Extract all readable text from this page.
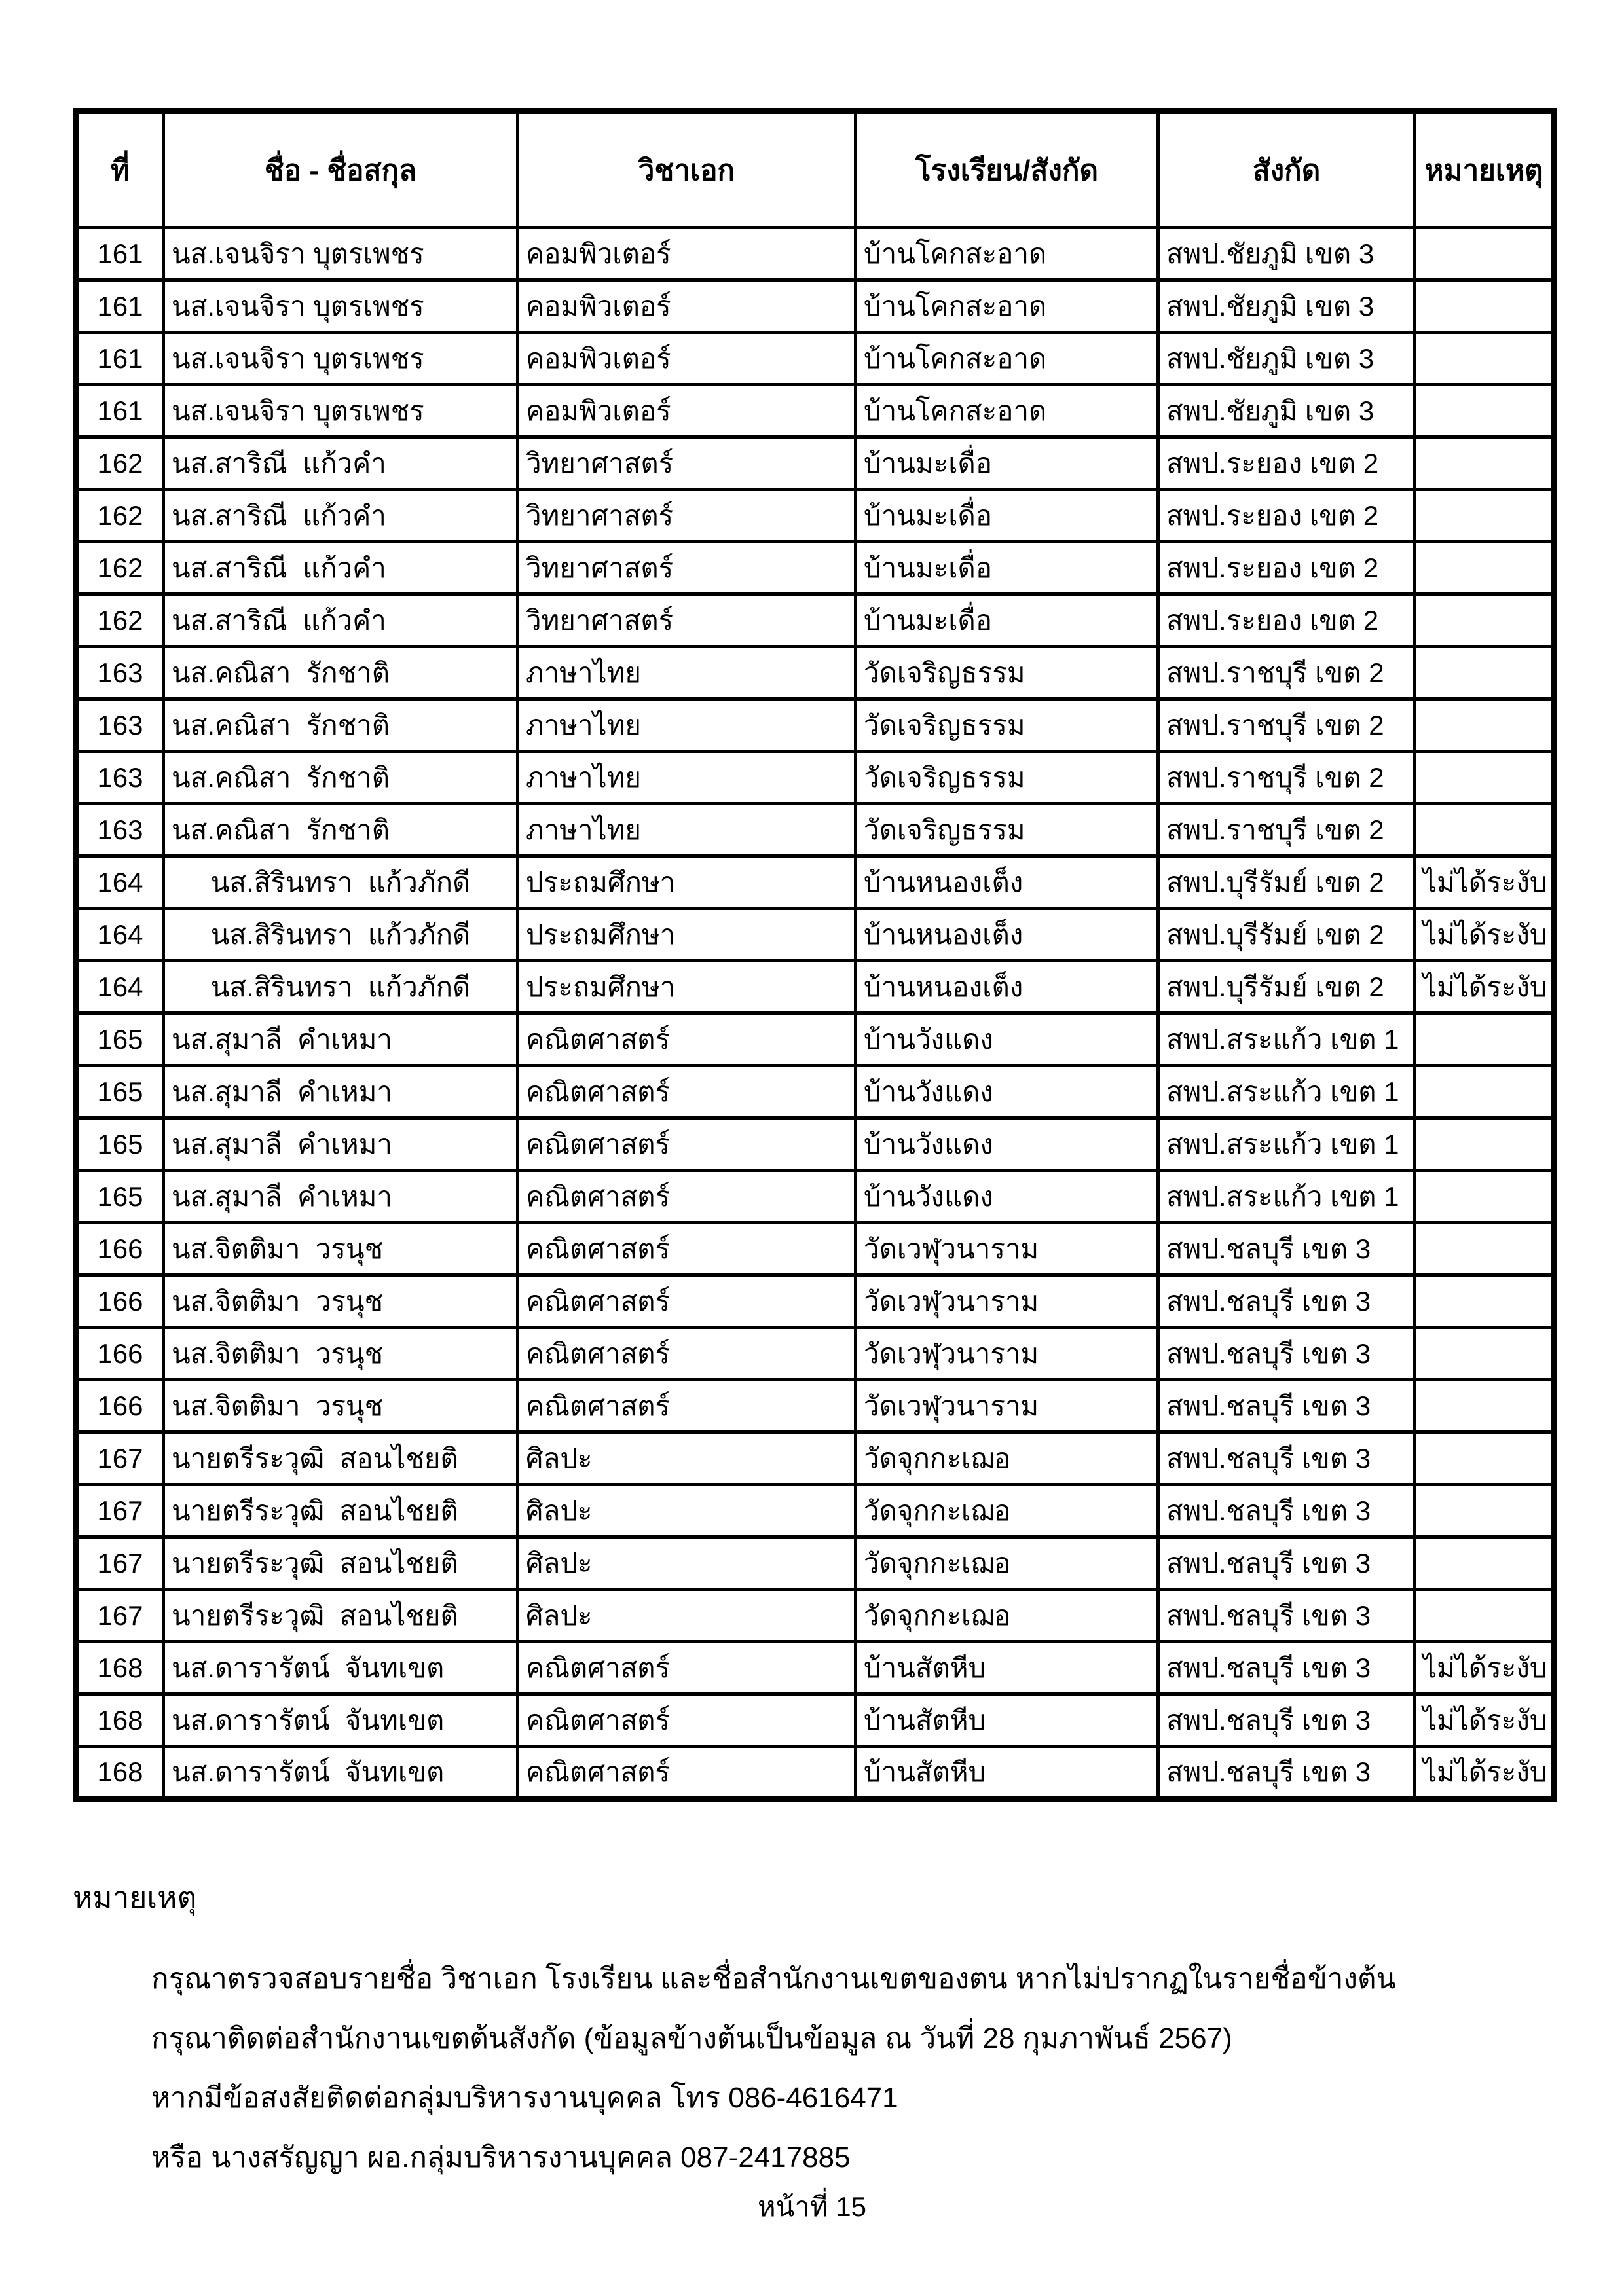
ที่	ชื่อ - ชื่อสกุล	วิชาเอก	โรงเรียน/สังกัด	สังกัด	หมายเหตุ
161	นส.เจนจิรา บุตรเพชร	คอมพิวเตอร์	บ้านโคกสะอาด	สพป.ชัยภูมิ เขต 3	
161	นส.เจนจิรา บุตรเพชร	คอมพิวเตอร์	บ้านโคกสะอาด	สพป.ชัยภูมิ เขต 3	
161	นส.เจนจิรา บุตรเพชร	คอมพิวเตอร์	บ้านโคกสะอาด	สพป.ชัยภูมิ เขต 3	
161	นส.เจนจิรา บุตรเพชร	คอมพิวเตอร์	บ้านโคกสะอาด	สพป.ชัยภูมิ เขต 3	
162	นส.สาริณี  แก้วคำ	วิทยาศาสตร์	บ้านมะเดื่อ	สพป.ระยอง เขต 2	
162	นส.สาริณี  แก้วคำ	วิทยาศาสตร์	บ้านมะเดื่อ	สพป.ระยอง เขต 2	
162	นส.สาริณี  แก้วคำ	วิทยาศาสตร์	บ้านมะเดื่อ	สพป.ระยอง เขต 2	
162	นส.สาริณี  แก้วคำ	วิทยาศาสตร์	บ้านมะเดื่อ	สพป.ระยอง เขต 2	
163	นส.คณิสา  รักชาติ	ภาษาไทย	วัดเจริญธรรม	สพป.ราชบุรี เขต 2	
163	นส.คณิสา  รักชาติ	ภาษาไทย	วัดเจริญธรรม	สพป.ราชบุรี เขต 2	
163	นส.คณิสา  รักชาติ	ภาษาไทย	วัดเจริญธรรม	สพป.ราชบุรี เขต 2	
163	นส.คณิสา  รักชาติ	ภาษาไทย	วัดเจริญธรรม	สพป.ราชบุรี เขต 2	
164	นส.สิรินทรา  แก้วภักดี	ประถมศึกษา	บ้านหนองเต็ง	สพป.บุรีรัมย์ เขต 2	ไม่ได้ระงับ
164	นส.สิรินทรา  แก้วภักดี	ประถมศึกษา	บ้านหนองเต็ง	สพป.บุรีรัมย์ เขต 2	ไม่ได้ระงับ
164	นส.สิรินทรา  แก้วภักดี	ประถมศึกษา	บ้านหนองเต็ง	สพป.บุรีรัมย์ เขต 2	ไม่ได้ระงับ
165	นส.สุมาลี  คำเหมา	คณิตศาสตร์	บ้านวังแดง	สพป.สระแก้ว เขต 1	
165	นส.สุมาลี  คำเหมา	คณิตศาสตร์	บ้านวังแดง	สพป.สระแก้ว เขต 1	
165	นส.สุมาลี  คำเหมา	คณิตศาสตร์	บ้านวังแดง	สพป.สระแก้ว เขต 1	
165	นส.สุมาลี  คำเหมา	คณิตศาสตร์	บ้านวังแดง	สพป.สระแก้ว เขต 1	
166	นส.จิตติมา  วรนุช	คณิตศาสตร์	วัดเวฬุวนาราม	สพป.ชลบุรี เขต 3	
166	นส.จิตติมา  วรนุช	คณิตศาสตร์	วัดเวฬุวนาราม	สพป.ชลบุรี เขต 3	
166	นส.จิตติมา  วรนุช	คณิตศาสตร์	วัดเวฬุวนาราม	สพป.ชลบุรี เขต 3	
166	นส.จิตติมา  วรนุช	คณิตศาสตร์	วัดเวฬุวนาราม	สพป.ชลบุรี เขต 3	
167	นายตรีระวุฒิ  สอนไชยติ	ศิลปะ	วัดจุกกะเฌอ	สพป.ชลบุรี เขต 3	
167	นายตรีระวุฒิ  สอนไชยติ	ศิลปะ	วัดจุกกะเฌอ	สพป.ชลบุรี เขต 3	
167	นายตรีระวุฒิ  สอนไชยติ	ศิลปะ	วัดจุกกะเฌอ	สพป.ชลบุรี เขต 3	
167	นายตรีระวุฒิ  สอนไชยติ	ศิลปะ	วัดจุกกะเฌอ	สพป.ชลบุรี เขต 3	
168	นส.ดารารัตน์  จันทเขต	คณิตศาสตร์	บ้านสัตหีบ	สพป.ชลบุรี เขต 3	ไม่ได้ระงับ
168	นส.ดารารัตน์  จันทเขต	คณิตศาสตร์	บ้านสัตหีบ	สพป.ชลบุรี เขต 3	ไม่ได้ระงับ
168	นส.ดารารัตน์  จันทเขต	คณิตศาสตร์	บ้านสัตหีบ	สพป.ชลบุรี เขต 3	ไม่ได้ระงับ
หมายเหตุ
กรุณาตรวจสอบรายชื่อ วิชาเอก โรงเรียน และชื่อสำนักงานเขตของตน หากไม่ปรากฏในรายชื่อข้างต้น
กรุณาติดต่อสำนักงานเขตต้นสังกัด (ข้อมูลข้างต้นเป็นข้อมูล ณ วันที่ 28 กุมภาพันธ์ 2567)
หากมีข้อสงสัยติดต่อกลุ่มบริหารงานบุคคล โทร 086-4616471
หรือ นางสรัญญา ผอ.กลุ่มบริหารงานบุคคล 087-2417885
หน้าที่ 15
